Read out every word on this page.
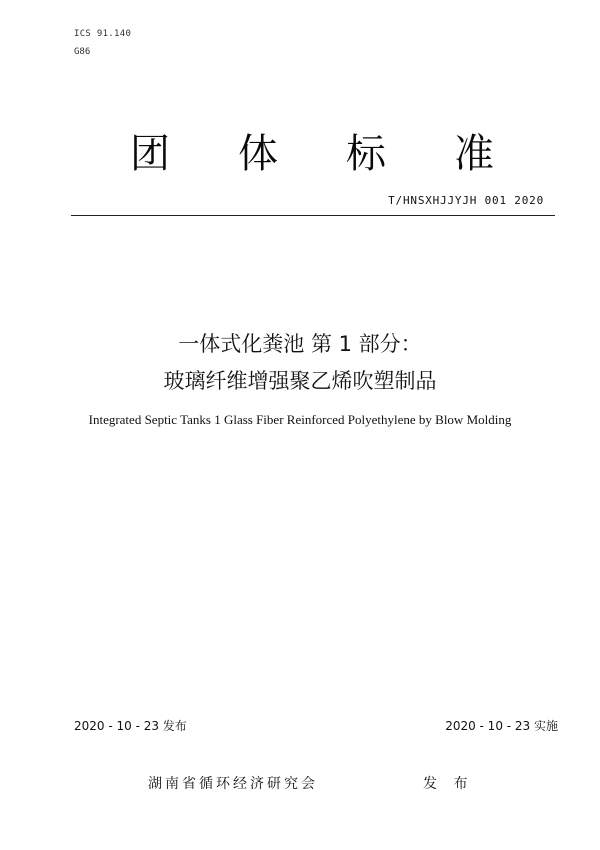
ICS 91.140
G86
团 体 标 准
T/HNSXHJJYJH 001 2020
一体式化粪池 第 1 部分：
玻璃纤维增强聚乙烯吹塑制品
Integrated Septic Tanks 1 Glass Fiber Reinforced Polyethylene by Blow Molding
2020 - 10 - 23 发布	2020 - 10 - 23 实施
湖南省循环经济研究会	发 布
